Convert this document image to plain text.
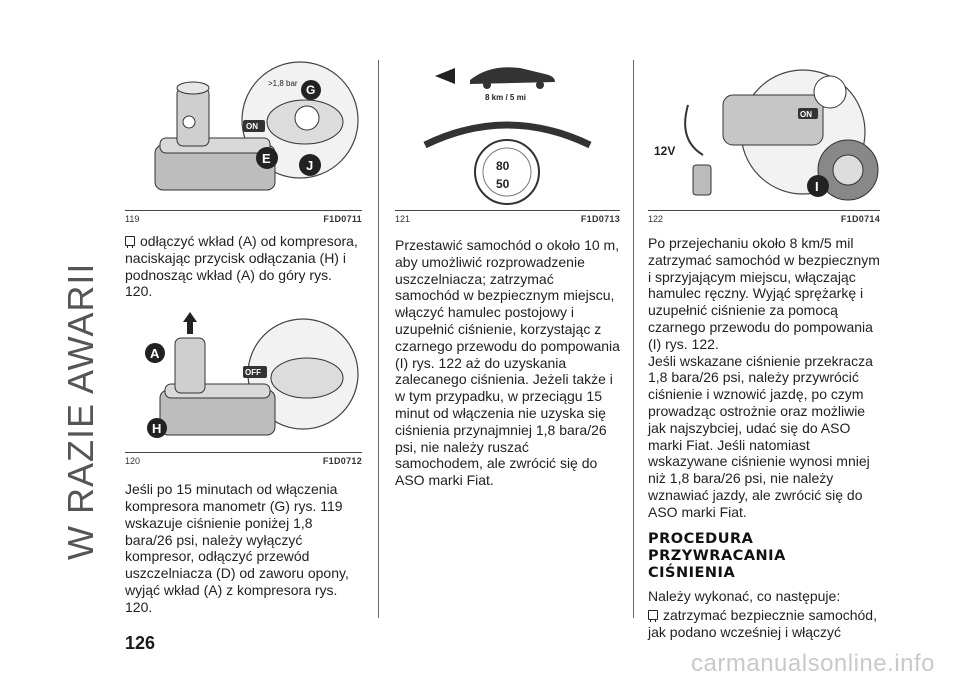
W RAZIE AWARII
>1,8 bar G
ON
E	J
119	F1D0711
odłączyć wkład (A) od kompresora, naciskając przycisk odłączania (H) i podnosząc wkład (A) do góry rys. 120.
A
OFF
H
120	F1D0712
Jeśli po 15 minutach od włączenia kompresora manometr (G) rys. 119 wskazuje ciśnienie poniżej 1,8 bara/26 psi, należy wyłączyć kompresor, odłączyć przewód uszczelniacza (D) od zaworu opony, wyjąć wkład (A) z kompresora rys. 120.
8 km / 5 mi
80
50
121	F1D0713
Przestawić samochód o około 10 m, aby umożliwić rozprowadzenie uszczelniacza; zatrzymać samochód w bezpiecznym miejscu, włączyć hamulec postojowy i uzupełnić ciśnienie, korzystając z czarnego przewodu do pompowania (I) rys. 122 aż do uzyskania zalecanego ciśnienia. Jeżeli także i w tym przypadku, w przeciągu 15 minut od włączenia nie uzyska się ciśnienia przynajmniej 1,8 bara/26 psi, nie należy ruszać samochodem, ale zwrócić się do ASO marki Fiat.
ON
12V
I
122	F1D0714
Po przejechaniu około 8 km/5 mil zatrzymać samochód w bezpiecznym i sprzyjającym miejscu, włączając hamulec ręczny. Wyjąć sprężarkę i uzupełnić ciśnienie za pomocą czarnego przewodu do pompowania (I) rys. 122.
Jeśli wskazane ciśnienie przekracza 1,8 bara/26 psi, należy przywrócić ciśnienie i wznowić jazdę, po czym prowadząc ostrożnie oraz możliwie jak najszybciej, udać się do ASO marki Fiat. Jeśli natomiast wskazywane ciśnienie wynosi mniej niż 1,8 bara/26 psi, nie należy wznawiać jazdy, ale zwrócić się do ASO marki Fiat.
PROCEDURA
PRZYWRACANIA
CIŚNIENIA
Należy wykonać, co następuje:
zatrzymać bezpiecznie samochód, jak podano wcześniej i włączyć
126
carmanualsonline.info
